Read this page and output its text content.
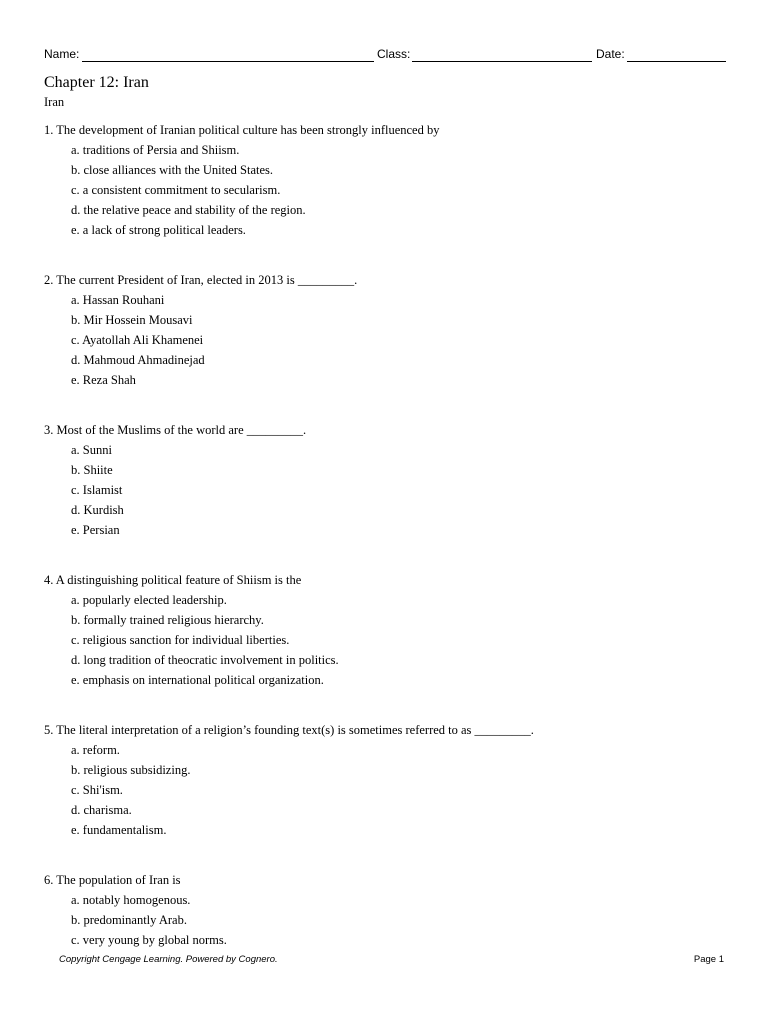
Name:	Class:	Date:
Chapter 12: Iran
Iran

1. The development of Iranian political culture has been strongly influenced by

a. traditions of Persia and Shiism.
b. close alliances with the United States.
c. a consistent commitment to secularism.
d. the relative peace and stability of the region.
e. a lack of strong political leaders.

2. The current President of Iran, elected in 2013 is _________.

a. Hassan Rouhani
b. Mir Hossein Mousavi
c. Ayatollah Ali Khamenei
d. Mahmoud Ahmadinejad
e. Reza Shah

3. Most of the Muslims of the world are _________.

a. Sunni
b. Shiite
c. Islamist
d. Kurdish
e. Persian

4. A distinguishing political feature of Shiism is the

a. popularly elected leadership.
b. formally trained religious hierarchy.
c. religious sanction for individual liberties.
d. long tradition of theocratic involvement in politics.
e. emphasis on international political organization.

5. The literal interpretation of a religion’s founding text(s) is sometimes referred to as _________.

a. reform.
b. religious subsidizing.
c. Shi'ism.
d. charisma.
e. fundamentalism.

6. The population of Iran is

a. notably homogenous.
b. predominantly Arab.
c. very young by global norms.
Copyright Cengage Learning. Powered by Cognero.	Page 1
